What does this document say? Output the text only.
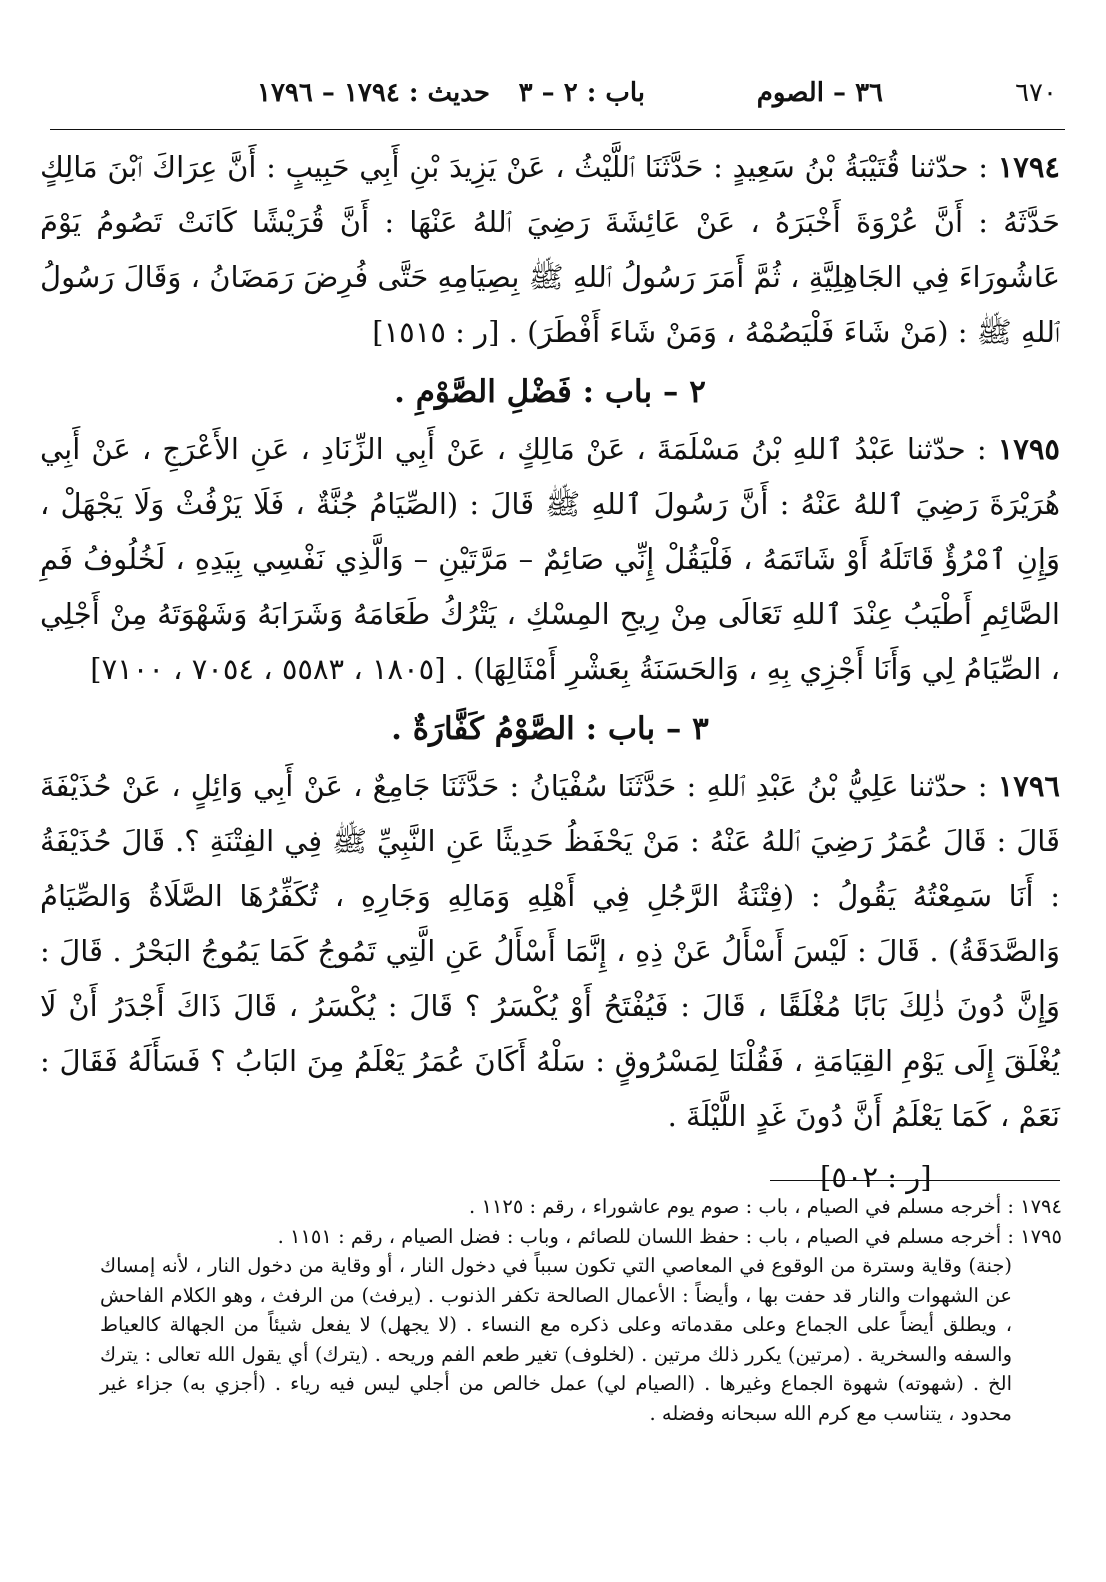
٦٧٠
٣٦ – الصوم
باب : ٢ – ٣
حديث : ١٧٩٤ – ١٧٩٦

١٧٩٤ : حدّثنا قُتَيْبَةُ بْنُ سَعِيدٍ : حَدَّثَنَا ٱللَّيْثُ ، عَنْ يَزِيدَ بْنِ أَبِي حَبِيبٍ : أَنَّ عِرَاكَ ٱبْنَ مَالِكٍ حَدَّثَهُ : أَنَّ عُرْوَةَ أَخْبَرَهُ ، عَنْ عَائِشَةَ رَضِيَ ٱللهُ عَنْهَا : أَنَّ قُرَيْشًا كَانَتْ تَصُومُ يَوْمَ عَاشُورَاءَ فِي الجَاهِلِيَّةِ ، ثُمَّ أَمَرَ رَسُولُ ٱللهِ ﷺ بِصِيَامِهِ حَتَّى فُرِضَ رَمَضَانُ ، وَقَالَ رَسُولُ ٱللهِ ﷺ : (مَنْ شَاءَ فَلْيَصُمْهُ ، وَمَنْ شَاءَ أَفْطَرَ) . [ر : ١٥١٥]

٢ – باب : فَضْلِ الصَّوْمِ .

١٧٩٥ : حدّثنا عَبْدُ ٱللهِ بْنُ مَسْلَمَةَ ، عَنْ مَالِكٍ ، عَنْ أَبِي الزِّنَادِ ، عَنِ الأَعْرَجِ ، عَنْ أَبِي هُرَيْرَةَ رَضِيَ ٱللهُ عَنْهُ : أَنَّ رَسُولَ ٱللهِ ﷺ قَالَ : (الصِّيَامُ جُنَّةٌ ، فَلَا يَرْفُثْ وَلَا يَجْهَلْ ، وَإِنِ ٱمْرُؤٌ قَاتَلَهُ أَوْ شَاتَمَهُ ، فَلْيَقُلْ إِنِّي صَائِمٌ – مَرَّتَيْنِ – وَالَّذِي نَفْسِي بِيَدِهِ ، لَخُلُوفُ فَمِ الصَّائِمِ أَطْيَبُ عِنْدَ ٱللهِ تَعَالَى مِنْ رِيحِ المِسْكِ ، يَتْرُكُ طَعَامَهُ وَشَرَابَهُ وَشَهْوَتَهُ مِنْ أَجْلِي ، الصِّيَامُ لِي وَأَنَا أَجْزِي بِهِ ، وَالحَسَنَةُ بِعَشْرِ أَمْثَالِهَا) . [١٨٠٥ ، ٥٥٨٣ ، ٧٠٥٤ ، ٧١٠٠]

٣ – باب : الصَّوْمُ كَفَّارَةٌ .

١٧٩٦ : حدّثنا عَلِيُّ بْنُ عَبْدِ ٱللهِ : حَدَّثَنَا سُفْيَانُ : حَدَّثَنَا جَامِعٌ ، عَنْ أَبِي وَائِلٍ ، عَنْ حُذَيْفَةَ قَالَ : قَالَ عُمَرُ رَضِيَ ٱللهُ عَنْهُ : مَنْ يَحْفَظُ حَدِيثًا عَنِ النَّبِيِّ ﷺ فِي الفِتْنَةِ ؟. قَالَ حُذَيْفَةُ : أَنَا سَمِعْتُهُ يَقُولُ : (فِتْنَةُ الرَّجُلِ فِي أَهْلِهِ وَمَالِهِ وَجَارِهِ ، تُكَفِّرُهَا الصَّلَاةُ وَالصِّيَامُ وَالصَّدَقَةُ) . قَالَ : لَيْسَ أَسْأَلُ عَنْ ذِهِ ، إِنَّمَا أَسْأَلُ عَنِ الَّتِي تَمُوجُ كَمَا يَمُوجُ البَحْرُ . قَالَ : وَإِنَّ دُونَ ذٰلِكَ بَابًا مُغْلَقًا ، قَالَ : فَيُفْتَحُ أَوْ يُكْسَرُ ؟ قَالَ : يُكْسَرُ ، قَالَ ذَاكَ أَجْدَرُ أَنْ لَا يُغْلَقَ إِلَى يَوْمِ القِيَامَةِ ، فَقُلْنَا لِمَسْرُوقٍ : سَلْهُ أَكَانَ عُمَرُ يَعْلَمُ مِنَ البَابُ ؟ فَسَأَلَهُ فَقَالَ : نَعَمْ ، كَمَا يَعْلَمُ أَنَّ دُونَ غَدٍ اللَّيْلَةَ .

[ر : ٥٠٢]

١٧٩٤ : أخرجه مسلم في الصيام ، باب : صوم يوم عاشوراء ، رقم : ١١٢٥ .

١٧٩٥ : أخرجه مسلم في الصيام ، باب : حفظ اللسان للصائم ، وباب : فضل الصيام ، رقم : ١١٥١ .

(جنة) وقاية وسترة من الوقوع في المعاصي التي تكون سبباً في دخول النار ، أو وقاية من دخول النار ، لأنه إمساك عن الشهوات والنار قد حفت بها ، وأيضاً : الأعمال الصالحة تكفر الذنوب . (يرفث) من الرفث ، وهو الكلام الفاحش ، ويطلق أيضاً على الجماع وعلى مقدماته وعلى ذكره مع النساء . (لا يجهل) لا يفعل شيئاً من الجهالة كالعياط والسفه والسخرية . (مرتين) يكرر ذلك مرتين . (لخلوف) تغير طعم الفم وريحه . (يترك) أي يقول الله تعالى : يترك الخ . (شهوته) شهوة الجماع وغيرها . (الصيام لي) عمل خالص من أجلي ليس فيه رياء . (أجزي به) جزاء غير محدود ، يتناسب مع كرم الله سبحانه وفضله .
